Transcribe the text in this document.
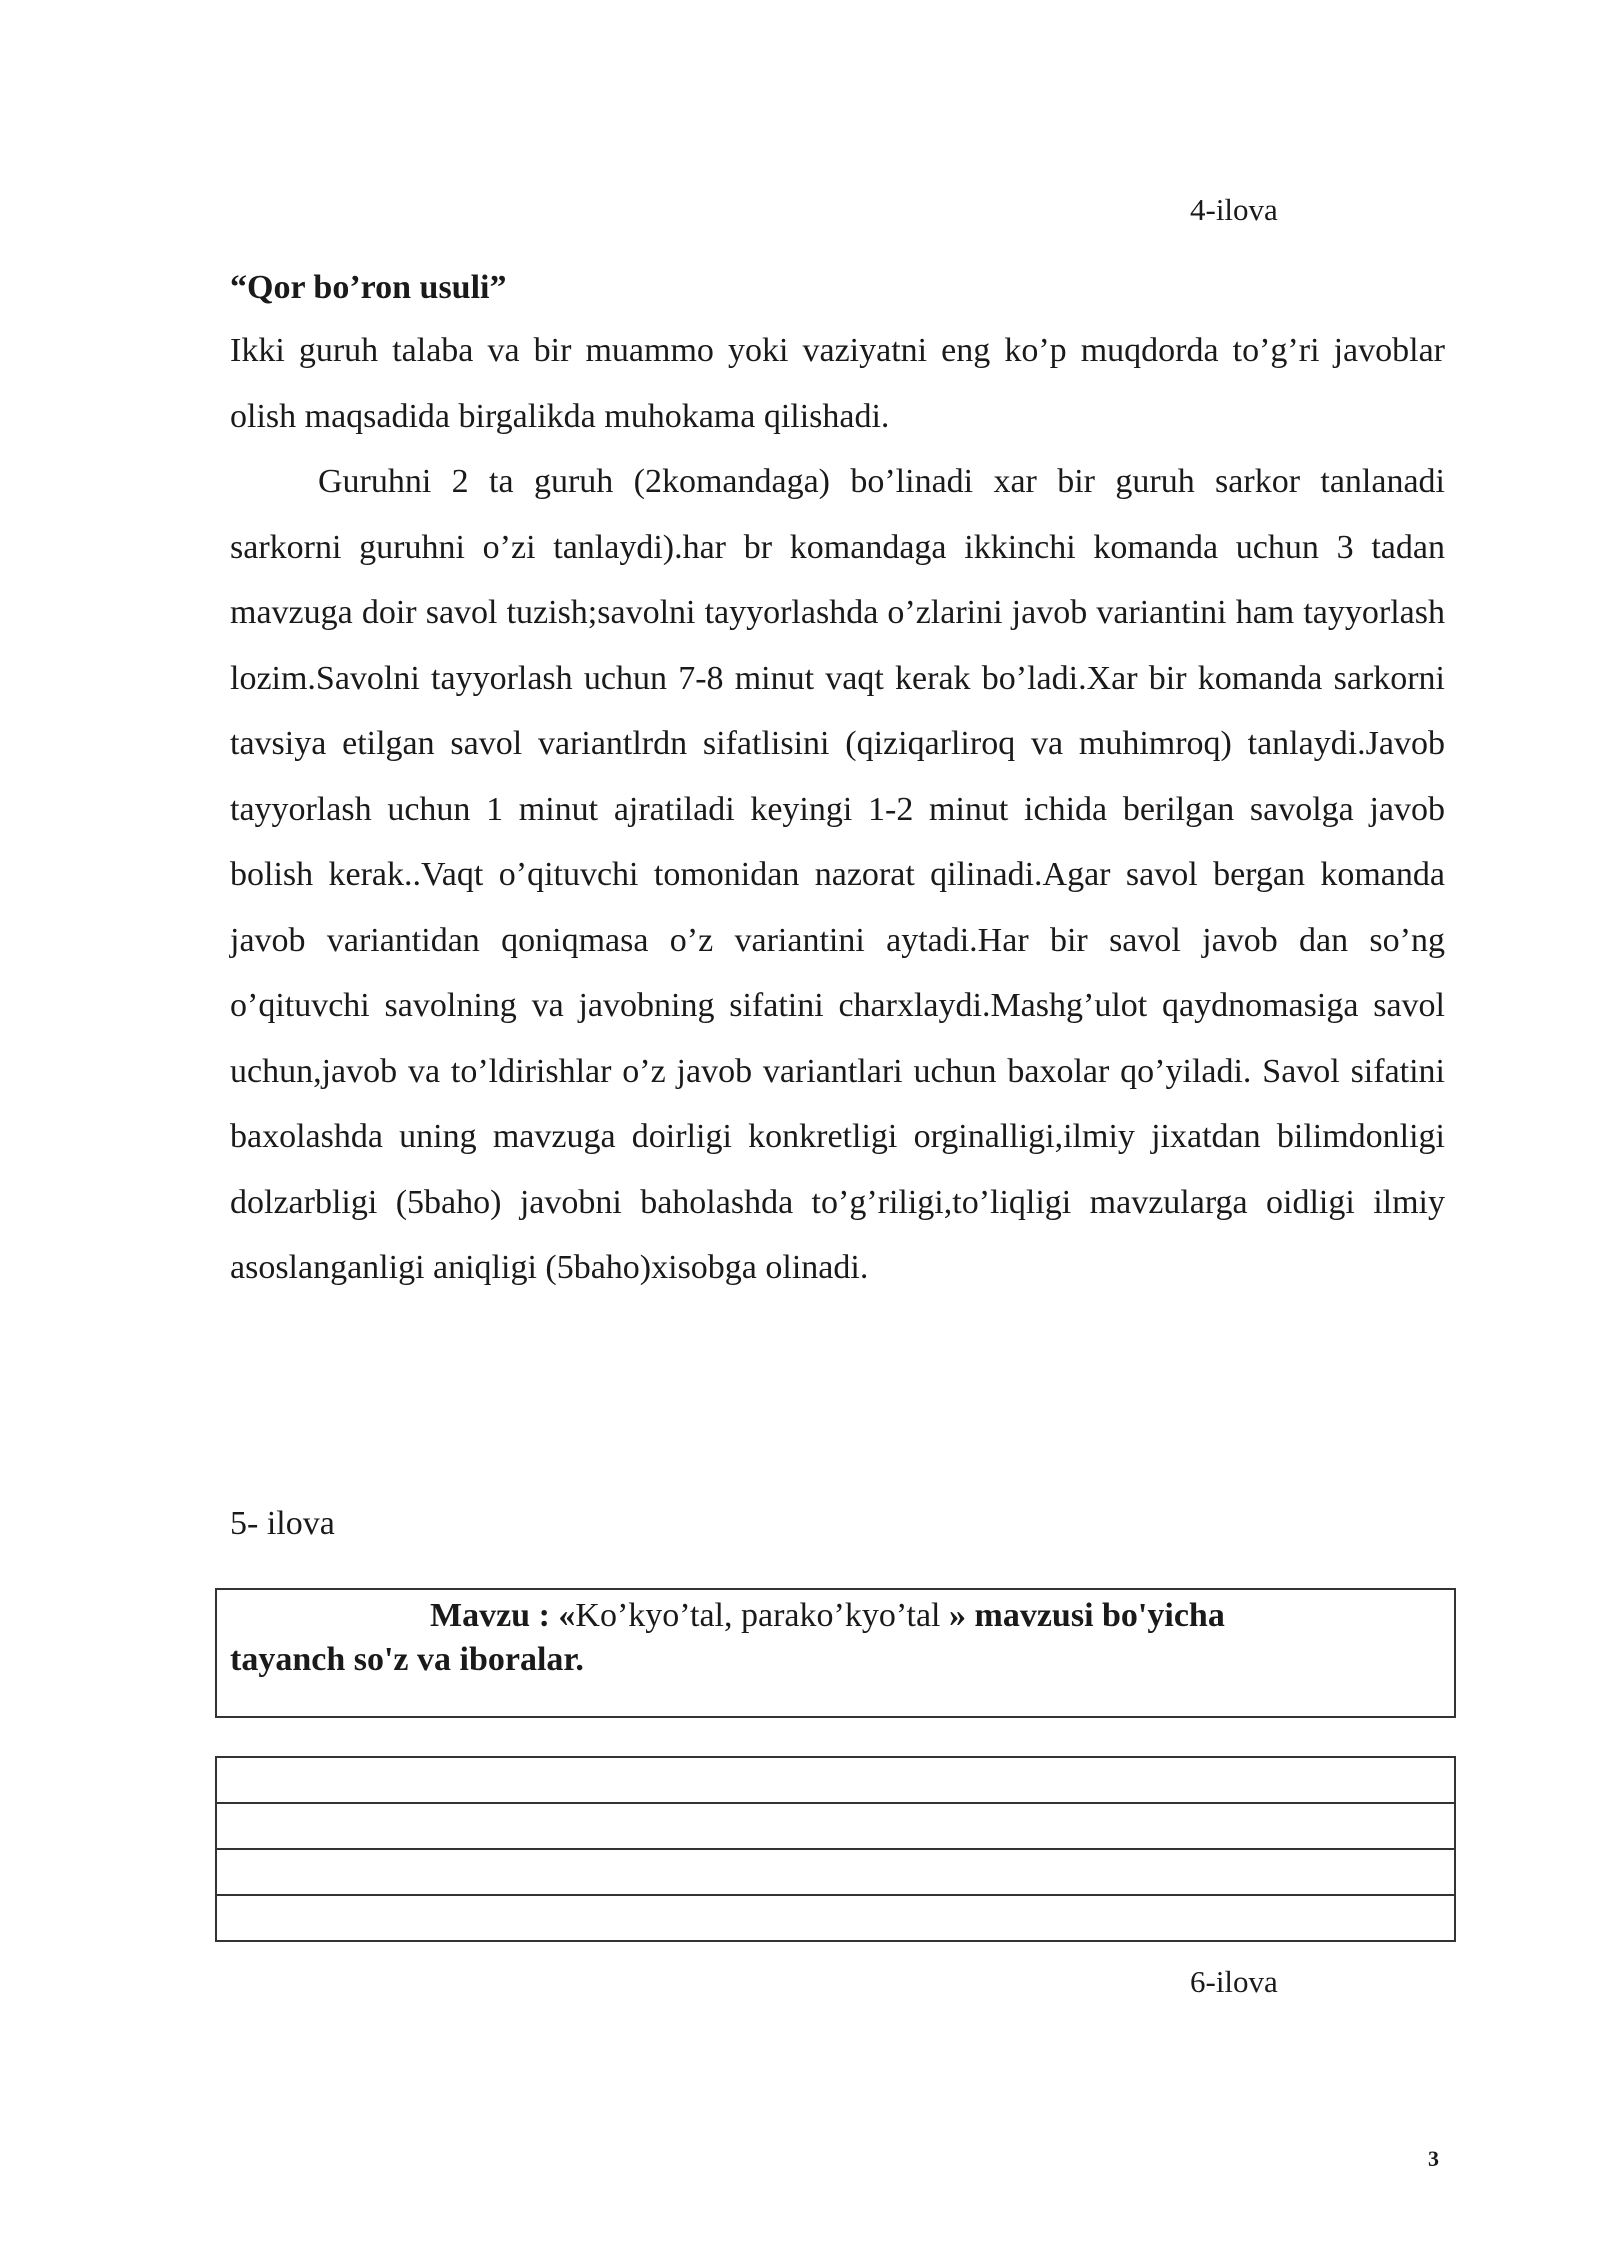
4-ilova
“Qor bo’ron usuli”

Ikki guruh talaba va bir muammo yoki vaziyatni eng ko’p muqdorda to’g’ri javoblar olish maqsadida birgalikda muhokama qilishadi.

Guruhni 2 ta guruh (2komandaga) bo’linadi xar bir guruh sarkor tanlanadi sarkorni guruhni o’zi tanlaydi).har br komandaga ikkinchi komanda uchun 3 tadan mavzuga doir savol tuzish;savolni tayyorlashda o’zlarini javob variantini ham tayyorlash lozim.Savolni tayyorlash uchun 7-8 minut vaqt kerak bo’ladi.Xar bir komanda sarkorni tavsiya etilgan savol variantlrdn sifatlisini (qiziqarliroq va muhimroq) tanlaydi.Javob tayyorlash uchun 1 minut ajratiladi keyingi 1-2 minut ichida berilgan savolga javob bolish kerak..Vaqt o’qituvchi tomonidan nazorat qilinadi.Agar savol bergan komanda javob variantidan qoniqmasa o’z variantini aytadi.Har bir savol javob dan so’ng o’qituvchi savolning va javobning sifatini charxlaydi.Mashg’ulot qaydnomasiga savol uchun,javob va to’ldirishlar o’z javob variantlari uchun baxolar qo’yiladi. Savol sifatini baxolashda uning mavzuga doirligi konkretligi orginalligi,ilmiy jixatdan bilimdonligi dolzarbligi (5baho) javobni baholashda to’g’riligi,to’liqligi mavzularga oidligi ilmiy asoslanganligi aniqligi (5baho)xisobga olinadi.

5- ilova
Mavzu : «Ko’kyo’tal, parako’kyo’tal » mavzusi bo'yicha
tayanch so'z va iboralar.
6-ilova
3
